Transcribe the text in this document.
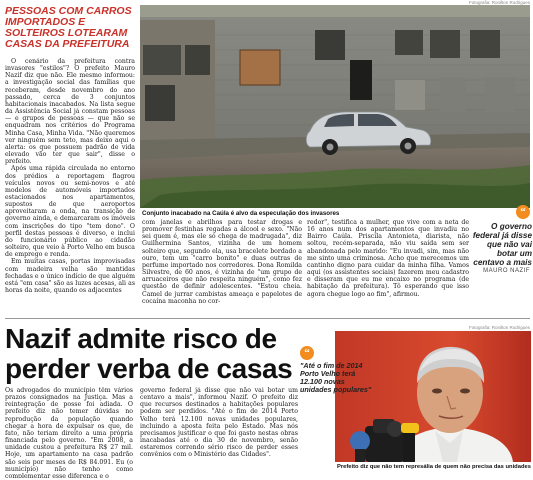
PESSOAS COM CARROS IMPORTADOS E SOLTEIROS LOTEARAM CASAS DA PREFEITURA

O cenário da prefeitura contra invasores "estilos"? O prefeito Mauro Nazif diz que não. Ele mesmo informou: a investigação social das famílias que receberam, desde novembro do ano passado, cerca de 3 conjuntos habitacionais inacabados. Na lista segue da Assistência Social já constam pessoas — e grupos de pessoas — que não se enquadram nos critérios do Programa Minha Casa, Minha Vida. "Não queremos ver ninguém sem teto, mas deixo aqui o alerta: os que possuem padrão de vida elevado vão ter que sair", disse o prefeito.

Após uma rápida circulada no entorno dos prédios a reportagem flagrou veículos novos ou semi-novos e até modelos de automóveis importados estacionados nos apartamentos, supostos de que aeroportos aproveitaram a onda, na transição de governo ainda, e demarcaram os imóveis com inscrições do tipo "tem dono". O perfil destas pessoas é diverso, e inclui do funcionário público ao cidadão solteiro, que veio à Porto Velho em busca de emprego e renda.

Em muitas casas, portas improvisadas com madeira velha são mantidas fechadas e o único indício de que alguém está "em casa" são as luzes acesas, ali as horas da noite, quando os adjacentes

Fotografia: Ronilton Rodrigues
Conjunto inacabado na Caúla é alvo da especulação dos invasores
com janelas e abrilhos para testar drogas e promover festinhas regadas a álcool e sexo. "Não sei quem é, mas ele só chega de madrugada", diz Guilhermina Santos, vizinha de um homem solteiro que, segundo ela, usa bracelete bordado a ouro, tem um "carro bonito" e duas outras de perfume importado nos corredores. Dona Romilda Silvestre, de 60 anos, é vizinha de "um grupo de arruaceiros que não respeita ninguém", como fez questão de definir adolescentes. "Estou cheia. Camel de jurrar cambistas ameaça e papelotes de cocaína maconha no cor-
redor", testifica a mulher, que vive com a neta de 16 anos num dos apartamentos que invadiu no Bairro Caúla. Priscila Antonieta, diarista, não soltou, recém-separada, não viu saída sem ser abandonada pelo marido: "Eu invadi, sim, mas não me sinto uma criminosa. Acho que merecemos um cantinho digno para cuidar da minha filha. Vamos aqui (os assistentes sociais) fazerem meu cadastro e disseram que eu me encaixo no programa (de habitação da prefeitura). Tô esperando que isso agora chegue logo ao fim", afirmou.
“
O governo federal já disse que não vai botar um centavo a mais
MAURO NAZIF
Nazif admite risco de perder verba de casas
Fotografia: Ronilton Rodrigues
Os advogados do município têm vários prazos consignados na Justiça. Mas a reintegração de posse foi adiada. O prefeito diz não temer dúvidas no reprodução da população quando chegar a hora de expulsar os que, de fato, não teriam direito a uma própria financiada pelo governo. "Em 2008, a unidade custou a prefeitura R$ 27 mil. Hoje, um apartamento na casa padrão são seis por meses de R$ 84.091. Eu (o município) não tenho como complementar esse diferença e o
governo federal já disse que não vai botar um centavo a mais", informou Nazif. O prefeito diz que recursos destinados a habitações populares podem ser perdidos. "Até o fim de 2014 Porto Velho terá 12.100 novas unidades populares, incluindo a aposta feita pelo Estado. Mas nós precisamos justificar o que foi gasto nestas obras inacabadas até o dia 30 de novembro, senão estaremos correndo sério risco de perder esses convênios com o Ministério das Cidades".
"Até o fim de 2014 Porto Velho terá 12.100 novas unidades populares"
“
Prefeito diz que não tem represália de quem não precisa das unidades
